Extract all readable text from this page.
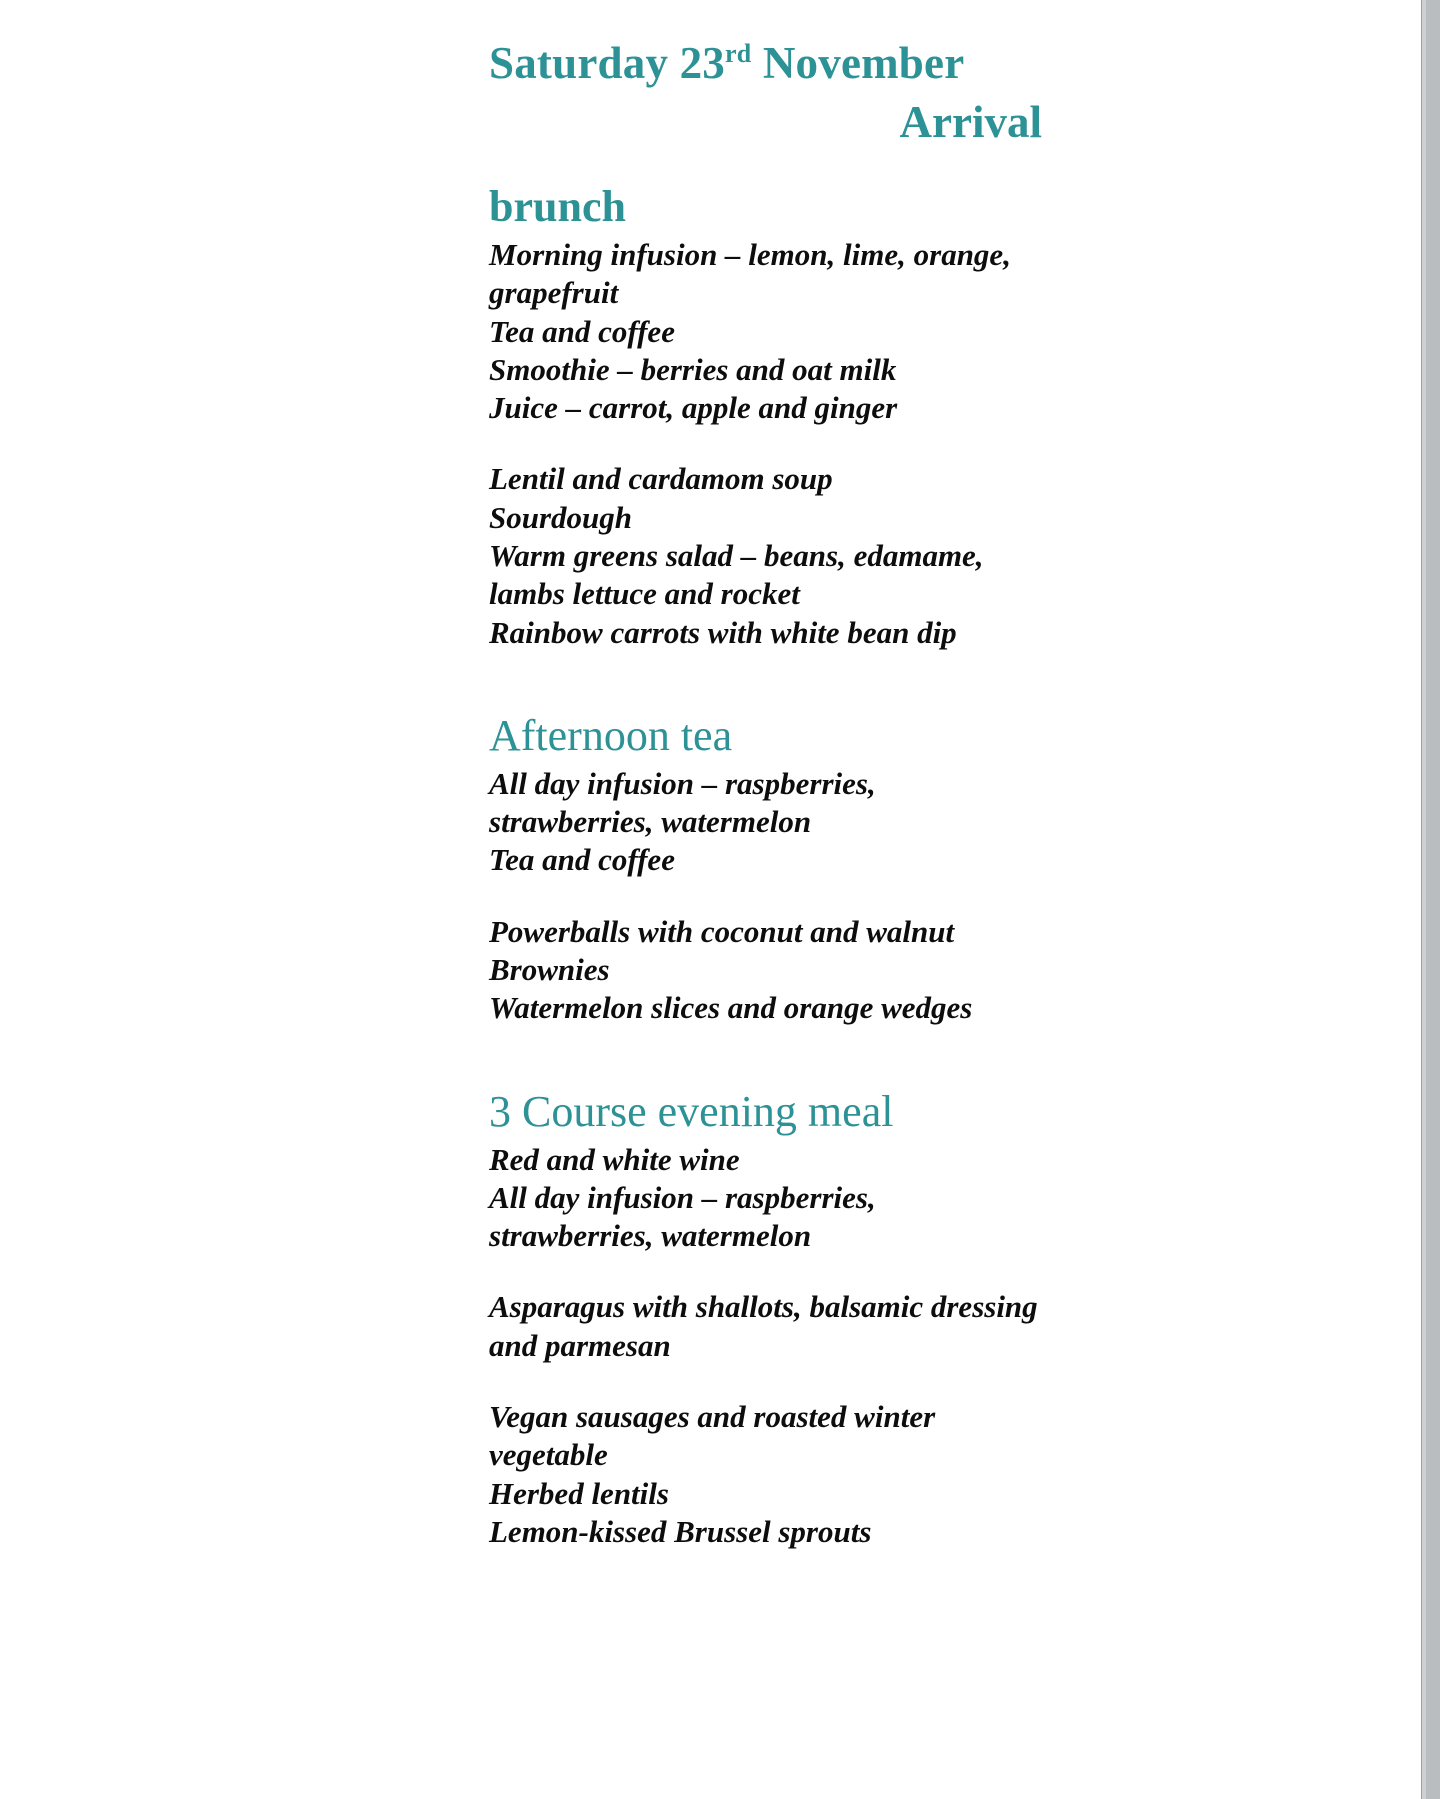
Saturday 23rd November
Arrival
brunch

Morning infusion – lemon, lime, orange,

grapefruit

Tea and coffee

Smoothie – berries and oat milk

Juice – carrot, apple and ginger

Lentil and cardamom soup

Sourdough

Warm greens salad – beans, edamame,

lambs lettuce and rocket

Rainbow carrots with white bean dip

Afternoon tea

All day infusion – raspberries,

strawberries, watermelon

Tea and coffee

Powerballs with coconut and walnut

Brownies

Watermelon slices and orange wedges

3 Course evening meal

Red and white wine

All day infusion – raspberries,

strawberries, watermelon

Asparagus with shallots, balsamic dressing

and parmesan

Vegan sausages and roasted winter

vegetable

Herbed lentils

Lemon-kissed Brussel sprouts
